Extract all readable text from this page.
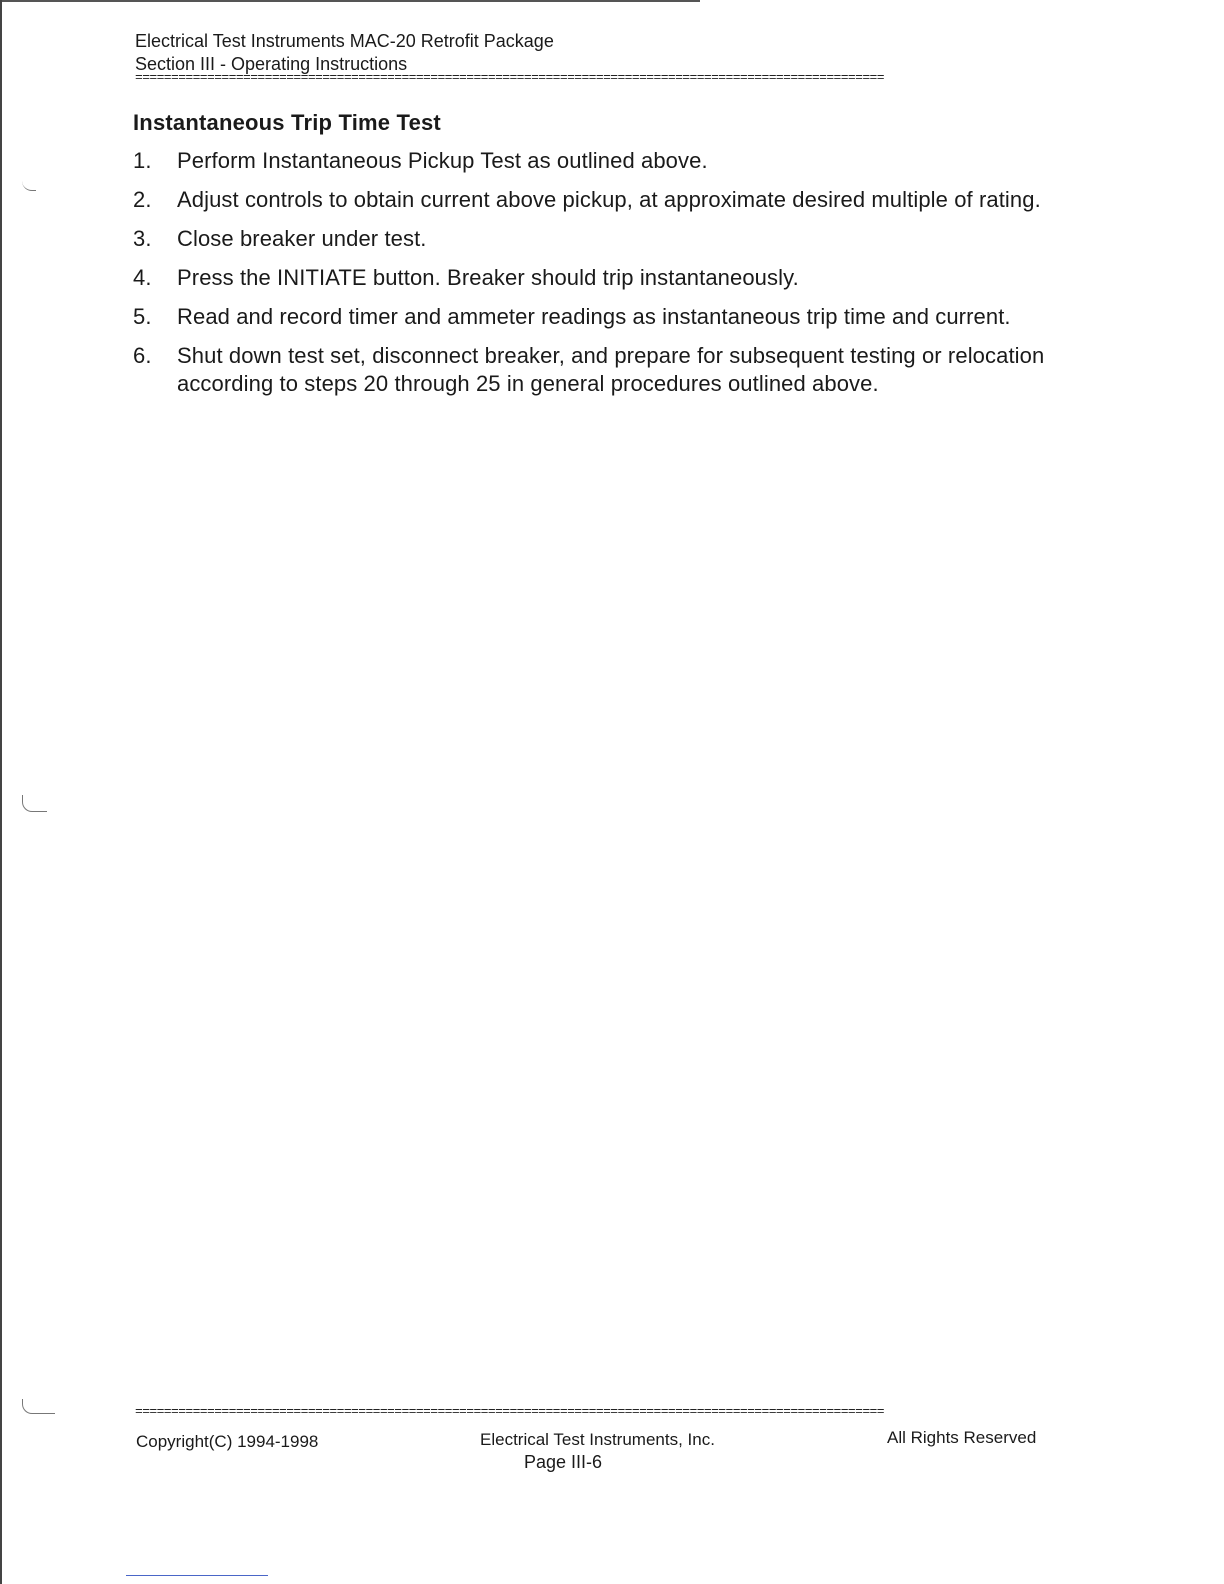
Electrical Test Instruments MAC-20 Retrofit Package
Section III - Operating Instructions
========================================================================================================
Instantaneous Trip Time Test
1. Perform Instantaneous Pickup Test as outlined above.
2. Adjust controls to obtain current above pickup, at approximate desired multiple of rating.
3. Close breaker under test.
4. Press the INITIATE button. Breaker should trip instantaneously.
5. Read and record timer and ammeter readings as instantaneous trip time and current.
6. Shut down test set, disconnect breaker, and prepare for subsequent testing or relocation according to steps 20 through 25 in general procedures outlined above.
========================================================================================================
Copyright(C) 1994-1998	Electrical Test Instruments, Inc.
Page III-6
All Rights Reserved
